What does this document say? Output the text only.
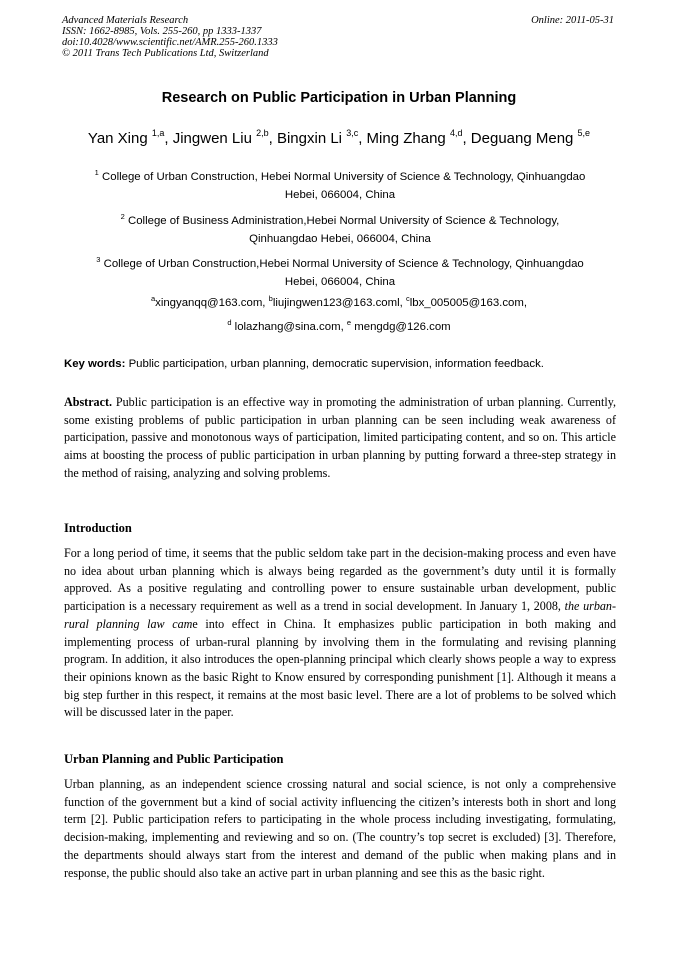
Advanced Materials Research
ISSN: 1662-8985, Vols. 255-260, pp 1333-1337
doi:10.4028/www.scientific.net/AMR.255-260.1333
© 2011 Trans Tech Publications Ltd, Switzerland
Online: 2011-05-31
Research on Public Participation in Urban Planning
Yan Xing $^{1,a}$, Jingwen Liu $^{2,b}$, Bingxin Li $^{3,c}$, Ming Zhang $^{4,d}$, Deguang Meng $^{5,e}$
$^1$ College of Urban Construction, Hebei Normal University of Science & Technology, Qinhuangdao
Hebei, 066004, China
$^2$ College of Business Administration,Hebei Normal University of Science & Technology,
Qinhuangdao Hebei, 066004, China
$^3$ College of Urban Construction,Hebei Normal University of Science & Technology, Qinhuangdao
Hebei, 066004, China
$^a$xingyanqq@163.com, $^b$liujingwen123@163.coml, $^c$lbx_005005@163.com,
$^d$ lolazhang@sina.com, $^e$ mengdg@126.com
Key words: Public participation, urban planning, democratic supervision, information feedback.
Abstract. Public participation is an effective way in promoting the administration of urban planning. Currently, some existing problems of public participation in urban planning can be seen including weak awareness of participation, passive and monotonous ways of participation, limited participating content, and so on. This article aims at boosting the process of public participation in urban planning by putting forward a three-step strategy in the method of raising, analyzing and solving problems.
Introduction
For a long period of time, it seems that the public seldom take part in the decision-making process and even have no idea about urban planning which is always being regarded as the government’s duty until it is formally approved. As a positive regulating and controlling power to ensure sustainable urban development, public participation is a necessary requirement as well as a trend in social development. In January 1, 2008, the urban-rural planning law came into effect in China. It emphasizes public participation in both making and implementing process of urban-rural planning by involving them in the formulating and revising planning program. In addition, it also introduces the open-planning principal which clearly shows people a way to express their opinions known as the basic Right to Know ensured by corresponding punishment [1]. Although it means a big step further in this respect, it remains at the most basic level. There are a lot of problems to be solved which will be discussed later in the paper.
Urban Planning and Public Participation
Urban planning, as an independent science crossing natural and social science, is not only a comprehensive function of the government but a kind of social activity influencing the citizen’s interests both in short and long term [2]. Public participation refers to participating in the whole process including investigating, formulating, decision-making, implementing and reviewing and so on. (The country’s top secret is excluded) [3]. Therefore, the departments should always start from the interest and demand of the public when making plans and in response, the public should also take an active part in urban planning and see this as the basic right.
